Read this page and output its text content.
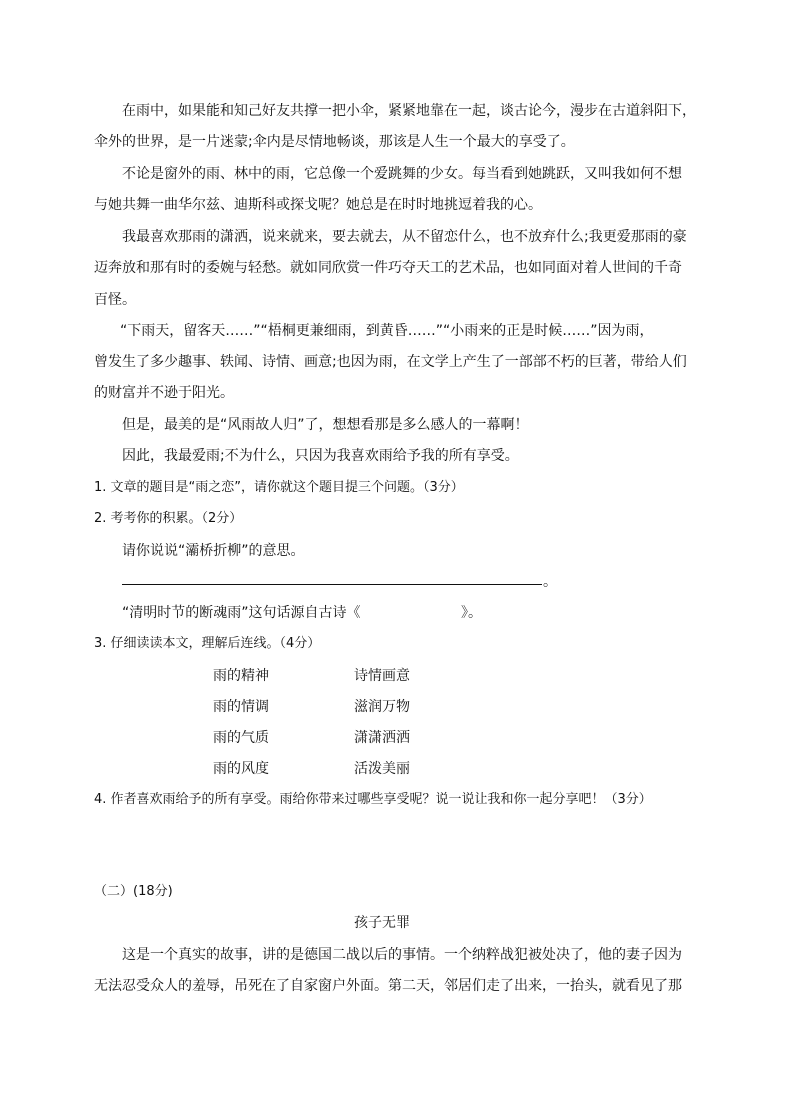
在雨中，如果能和知己好友共撑一把小伞，紧紧地靠在一起，谈古论今，漫步在古道斜阳下，
伞外的世界，是一片迷蒙;伞内是尽情地畅谈，那该是人生一个最大的享受了。
不论是窗外的雨、林中的雨，它总像一个爱跳舞的少女。每当看到她跳跃，又叫我如何不想
与她共舞一曲华尔兹、迪斯科或探戈呢？她总是在时时地挑逗着我的心。
我最喜欢那雨的潇洒，说来就来，要去就去，从不留恋什么，也不放弃什么;我更爱那雨的豪
迈奔放和那有时的委婉与轻愁。就如同欣赏一件巧夺天工的艺术品，也如同面对着人世间的千奇
百怪。
“下雨天，留客天……”“梧桐更兼细雨，到黄昏……”“小雨来的正是时候……”因为雨，
曾发生了多少趣事、轶闻、诗情、画意;也因为雨，在文学上产生了一部部不朽的巨著，带给人们
的财富并不逊于阳光。
但是，最美的是“风雨故人归”了，想想看那是多么感人的一幕啊！
因此，我最爱雨;不为什么，只因为我喜欢雨给予我的所有享受。
1. 文章的题目是“雨之恋”，请你就这个题目提三个问题。（3分）
2. 考考你的积累。（2分）
请你说说“灞桥折柳”的意思。
。
“清明时节的断魂雨”这句话源自古诗《	》。
3. 仔细读读本文，理解后连线。（4分）
雨的精神	诗情画意
雨的情调	滋润万物
雨的气质	潇潇洒洒
雨的风度	活泼美丽
4. 作者喜欢雨给予的所有享受。雨给你带来过哪些享受呢？说一说让我和你一起分享吧！（3分）
（二）(18分)
孩子无罪
这是一个真实的故事，讲的是德国二战以后的事情。一个纳粹战犯被处决了，他的妻子因为
无法忍受众人的羞辱，吊死在了自家窗户外面。第二天，邻居们走了出来，一抬头，就看见了那
